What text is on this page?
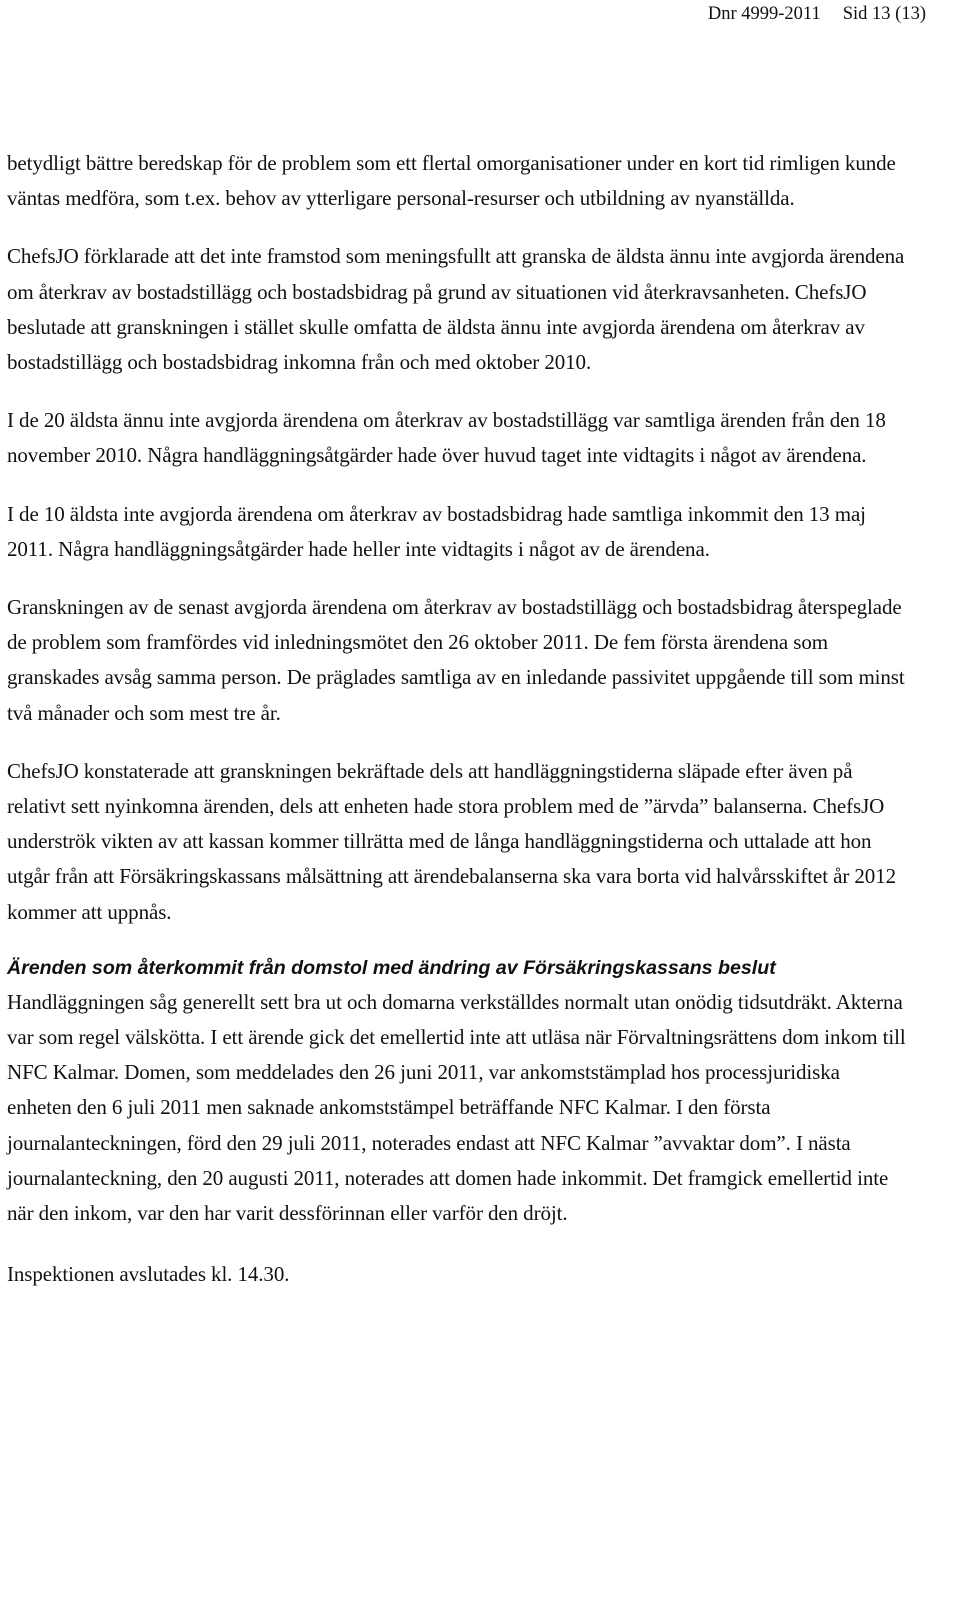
Dnr 4999-2011 Sid 13 (13)

betydligt bättre beredskap för de problem som ett flertal omorganisationer under en kort tid rimligen kunde väntas medföra, som t.ex. behov av ytterligare personal-resurser och utbildning av nyanställda.

ChefsJO förklarade att det inte framstod som meningsfullt att granska de äldsta ännu inte avgjorda ärendena om återkrav av bostadstillägg och bostadsbidrag på grund av situationen vid återkravsanheten. ChefsJO beslutade att granskningen i stället skulle omfatta de äldsta ännu inte avgjorda ärendena om återkrav av bostadstillägg och bostadsbidrag inkomna från och med oktober 2010.

I de 20 äldsta ännu inte avgjorda ärendena om återkrav av bostadstillägg var samtliga ärenden från den 18 november 2010. Några handläggningsåtgärder hade över huvud taget inte vidtagits i något av ärendena.

I de 10 äldsta inte avgjorda ärendena om återkrav av bostadsbidrag hade samtliga inkommit den 13 maj 2011. Några handläggningsåtgärder hade heller inte vidtagits i något av de ärendena.

Granskningen av de senast avgjorda ärendena om återkrav av bostadstillägg och bostadsbidrag återspeglade de problem som framfördes vid inledningsmötet den 26 oktober 2011. De fem första ärendena som granskades avsåg samma person. De präglades samtliga av en inledande passivitet uppgående till som minst två månader och som mest tre år.

ChefsJO konstaterade att granskningen bekräftade dels att handläggningstiderna släpade efter även på relativt sett nyinkomna ärenden, dels att enheten hade stora problem med de ”ärvda” balanserna. ChefsJO underströk vikten av att kassan kommer tillrätta med de långa handläggningstiderna och uttalade att hon utgår från att Försäkringskassans målsättning att ärendebalanserna ska vara borta vid halvårsskiftet år 2012 kommer att uppnås.

Ärenden som återkommit från domstol med ändring av Försäkringskassans beslut

Handläggningen såg generellt sett bra ut och domarna verkställdes normalt utan onödig tidsutdräkt. Akterna var som regel välskötta. I ett ärende gick det emellertid inte att utläsa när Förvaltningsrättens dom inkom till NFC Kalmar. Domen, som meddelades den 26 juni 2011, var ankomststämplad hos processjuridiska enheten den 6 juli 2011 men saknade ankomststämpel beträffande NFC Kalmar. I den första journalanteckningen, förd den 29 juli 2011, noterades endast att NFC Kalmar ”avvaktar dom”. I nästa journalanteckning, den 20 augusti 2011, noterades att domen hade inkommit. Det framgick emellertid inte när den inkom, var den har varit dessförinnan eller varför den dröjt.

Inspektionen avslutades kl. 14.30.
